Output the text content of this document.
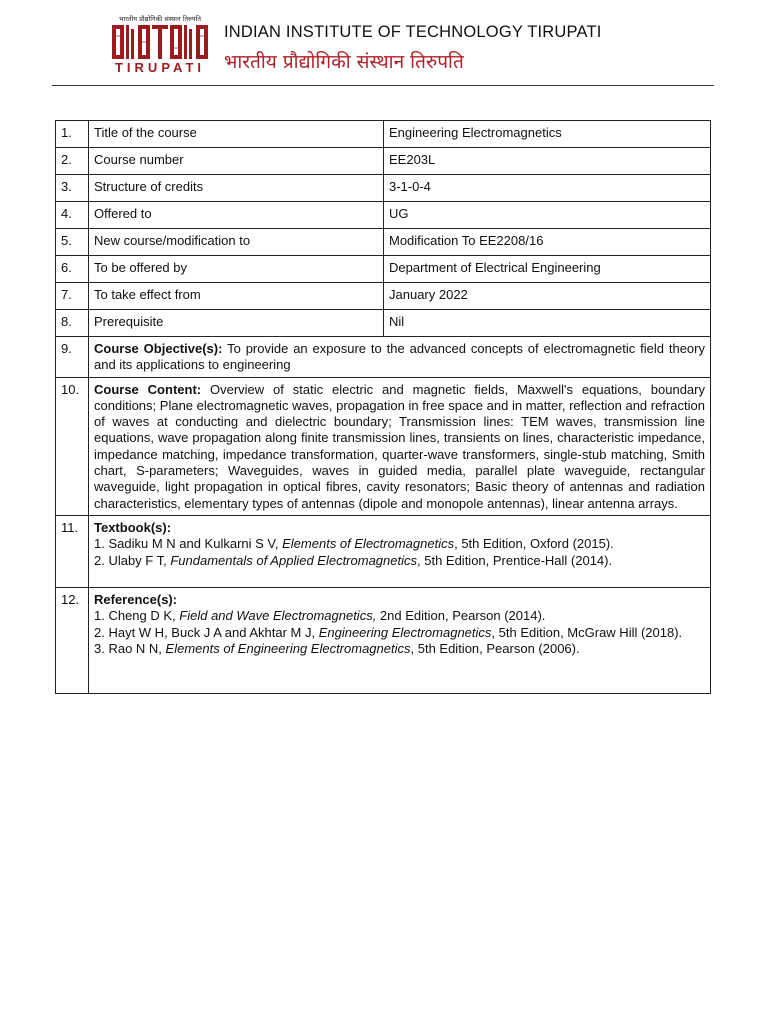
भारतीय प्रौद्योगिकी संस्थान तिरुपति
TIRUPATI
INDIAN INSTITUTE OF TECHNOLOGY TIRUPATI
भारतीय प्रौद्योगिकी संस्थान तिरुपति
1.	Title of the course	Engineering Electromagnetics
2.	Course number	EE203L
3.	Structure of credits	3-1-0-4
4.	Offered to	UG
5.	New course/modification to	Modification To EE2208/16
6.	To be offered by	Department of Electrical Engineering
7.	To take effect from	January 2022
8.	Prerequisite	Nil
9.	Course Objective(s): To provide an exposure to the advanced concepts of electromagnetic field theory and its applications to engineering	
10.	Course Content: Overview of static electric and magnetic fields, Maxwell's equations, boundary conditions; Plane electromagnetic waves, propagation in free space and in matter, reflection and refraction of waves at conducting and dielectric boundary; Transmission lines: TEM waves, transmission line equations, wave propagation along finite transmission lines, transients on lines, characteristic impedance, impedance matching, impedance transformation, quarter-wave transformers, single-stub matching, Smith chart, S-parameters; Waveguides, waves in guided media, parallel plate waveguide, rectangular waveguide, light propagation in optical fibres, cavity resonators; Basic theory of antennas and radiation characteristics, elementary types of antennas (dipole and monopole antennas), linear antenna arrays.	
11.	Textbook(s):
1. Sadiku M N and Kulkarni S V, Elements of Electromagnetics, 5th Edition, Oxford (2015).
2. Ulaby F T, Fundamentals of Applied Electromagnetics, 5th Edition, Prentice-Hall (2014).	

12.	Reference(s):
1. Cheng D K, Field and Wave Electromagnetics, 2nd Edition, Pearson (2014).
2. Hayt W H, Buck J A and Akhtar M J, Engineering Electromagnetics, 5th Edition, McGraw Hill (2018).
3. Rao N N, Elements of Engineering Electromagnetics, 5th Edition, Pearson (2006).	
